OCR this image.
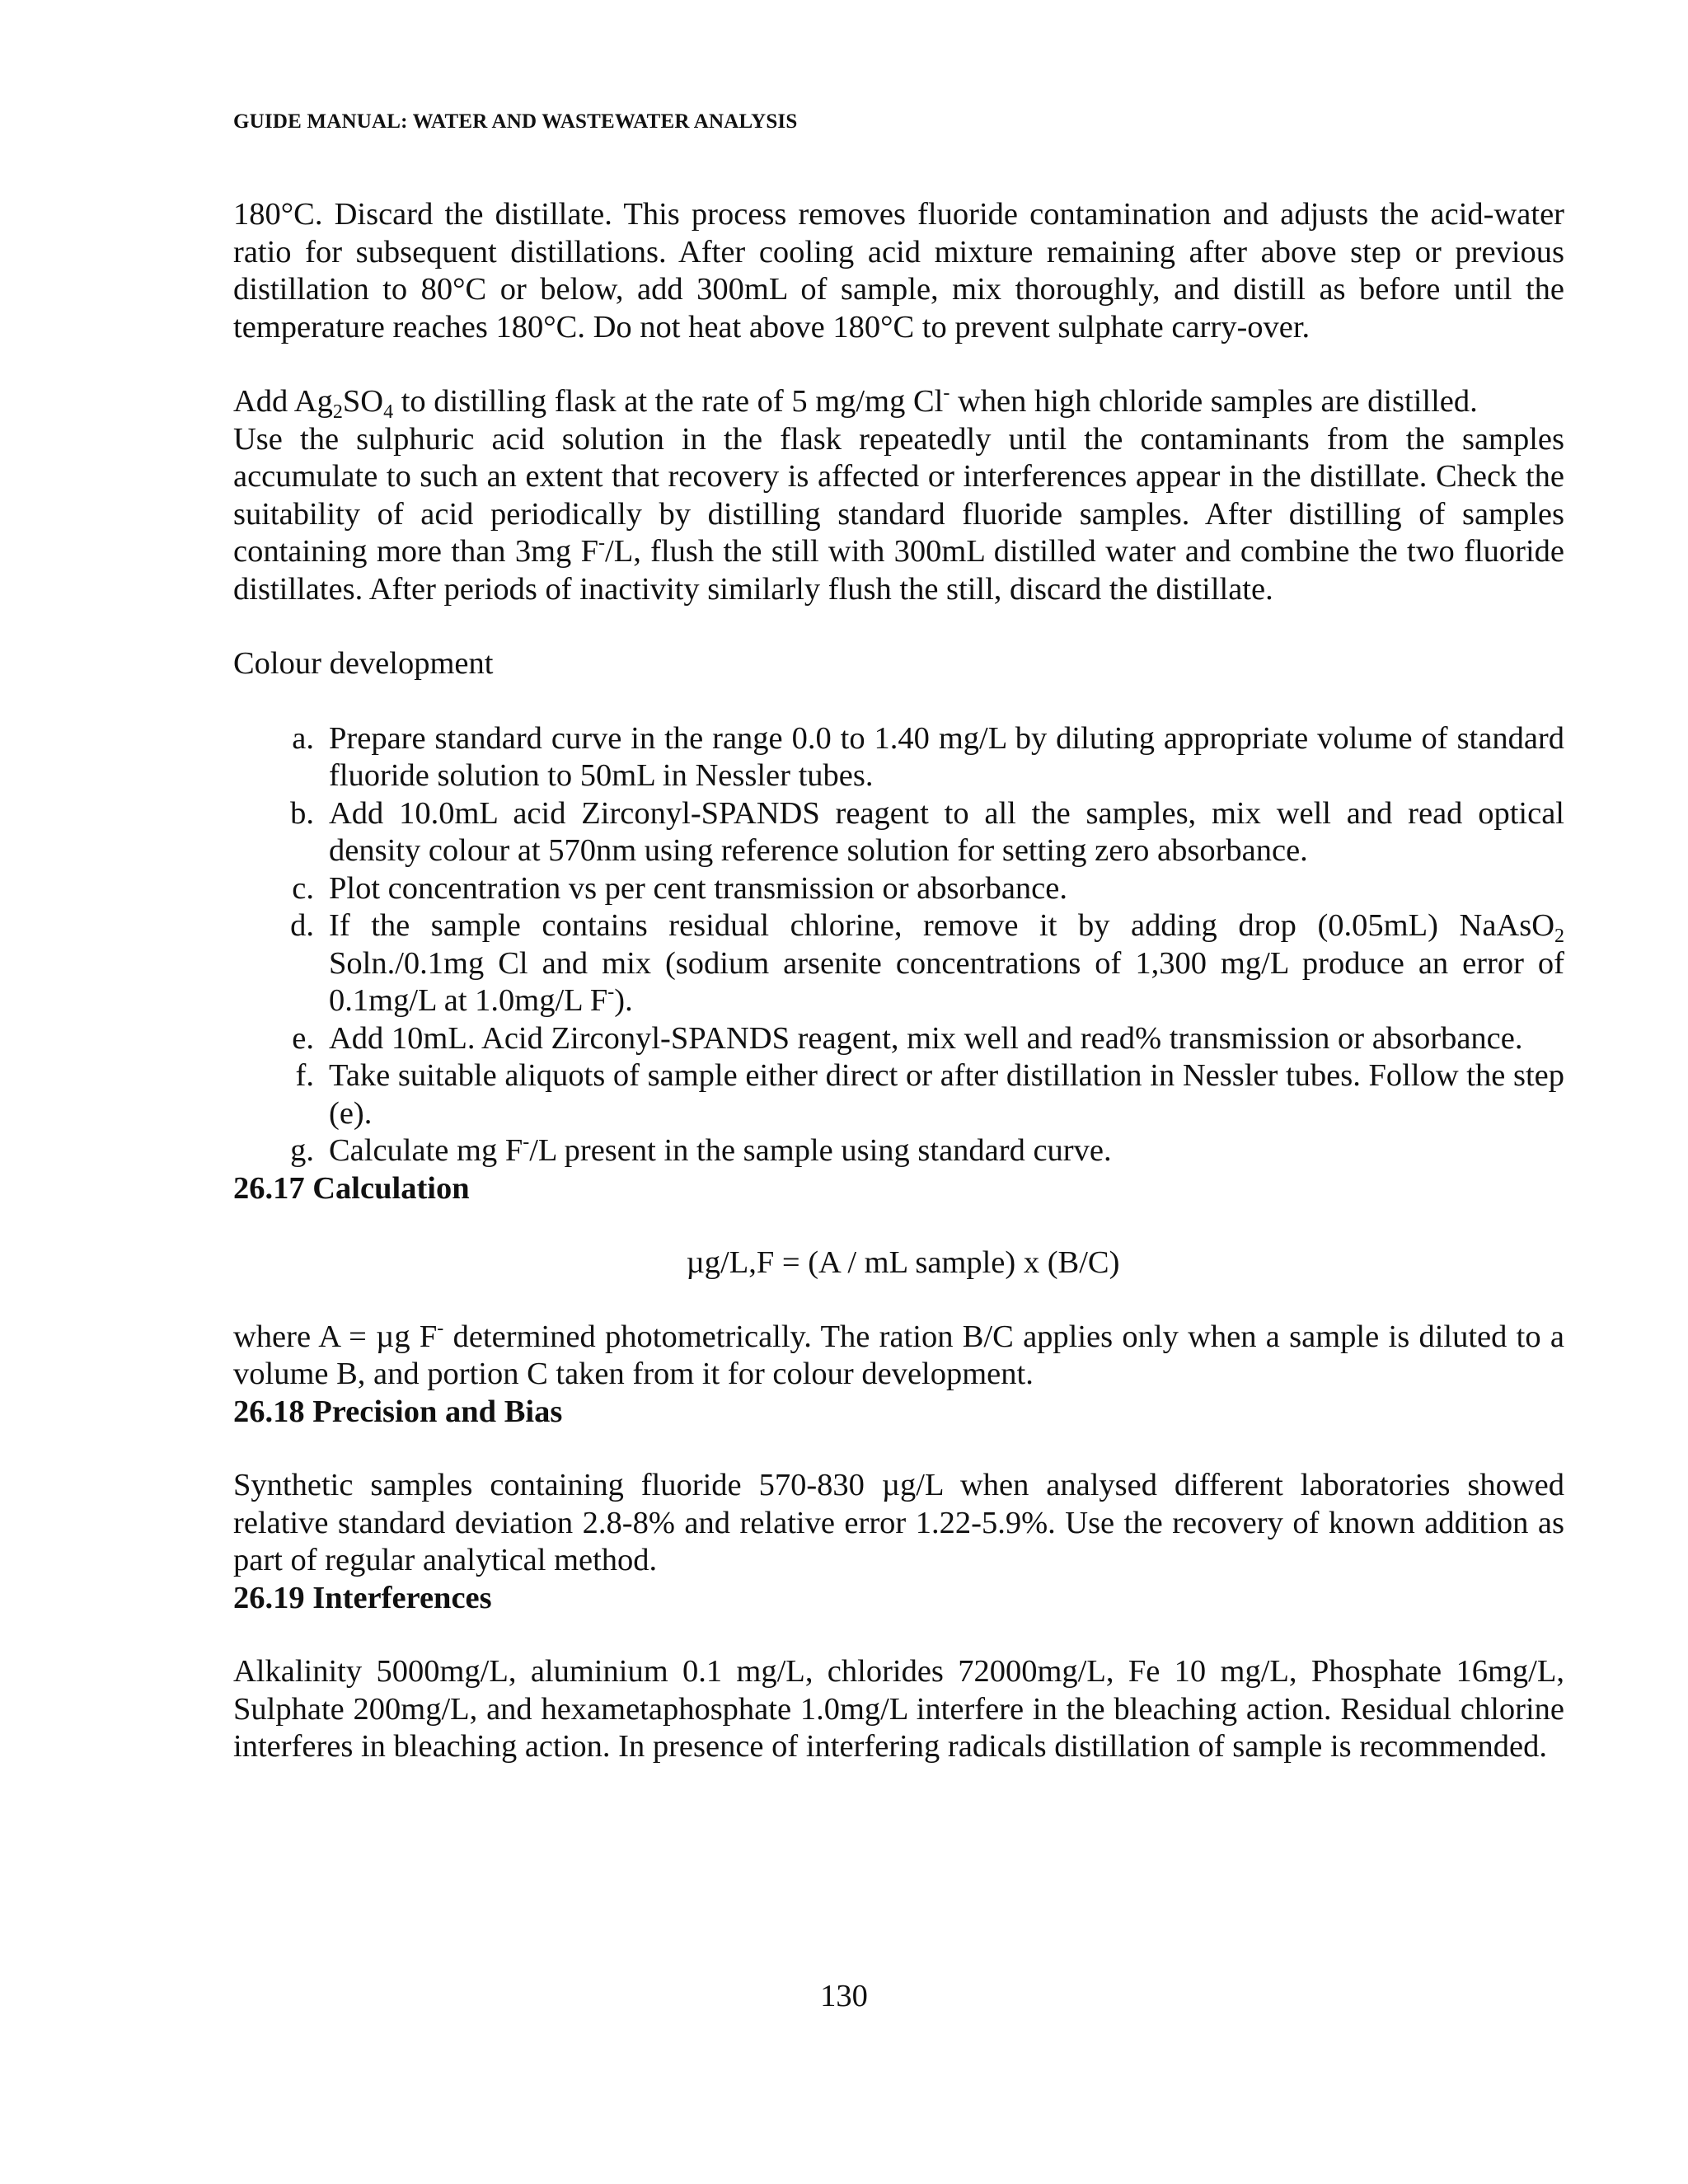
GUIDE MANUAL: WATER AND WASTEWATER ANALYSIS

180°C. Discard the distillate. This process removes fluoride contamination and adjusts the acid-water ratio for subsequent distillations. After cooling acid mixture remaining after above step or previous distillation to 80°C or below, add 300mL of sample, mix thoroughly, and distill as before until the temperature reaches 180°C. Do not heat above 180°C to prevent sulphate carry-over.

Add $Ag_2SO_4$ to distilling flask at the rate of 5 mg/mg Cl- when high chloride samples are distilled.

Use the sulphuric acid solution in the flask repeatedly until the contaminants from the samples accumulate to such an extent that recovery is affected or interferences appear in the distillate. Check the suitability of acid periodically by distilling standard fluoride samples. After distilling of samples containing more than 3mg F-/L, flush the still with 300mL distilled water and combine the two fluoride distillates. After periods of inactivity similarly flush the still, discard the distillate.

Colour development

a. Prepare standard curve in the range 0.0 to 1.40 mg/L by diluting appropriate volume of standard fluoride solution to 50mL in Nessler tubes.
b. Add 10.0mL acid Zirconyl-SPANDS reagent to all the samples, mix well and read optical density colour at 570nm using reference solution for setting zero absorbance.
c. Plot concentration vs per cent transmission or absorbance.
d. If the sample contains residual chlorine, remove it by adding drop (0.05mL) NaAsO$_2$ Soln./0.1mg Cl and mix (sodium arsenite concentrations of 1,300 mg/L produce an error of 0.1mg/L at 1.0mg/L F-).
e. Add 10mL. Acid Zirconyl-SPANDS reagent, mix well and read% transmission or absorbance.
f. Take suitable aliquots of sample either direct or after distillation in Nessler tubes. Follow the step (e).
g. Calculate mg F-/L present in the sample using standard curve.

26.17 Calculation

µg/L,F = (A / mL sample) x (B/C)

where A = µg F- determined photometrically. The ration B/C applies only when a sample is diluted to a volume B, and portion C taken from it for colour development.

26.18 Precision and Bias

Synthetic samples containing fluoride 570-830 µg/L when analysed different laboratories showed relative standard deviation 2.8-8% and relative error 1.22-5.9%. Use the recovery of known addition as part of regular analytical method.

26.19 Interferences

Alkalinity 5000mg/L, aluminium 0.1 mg/L, chlorides 72000mg/L, Fe 10 mg/L, Phosphate 16mg/L, Sulphate 200mg/L, and hexametaphosphate 1.0mg/L interfere in the bleaching action. Residual chlorine interferes in bleaching action. In presence of interfering radicals distillation of sample is recommended.

130
